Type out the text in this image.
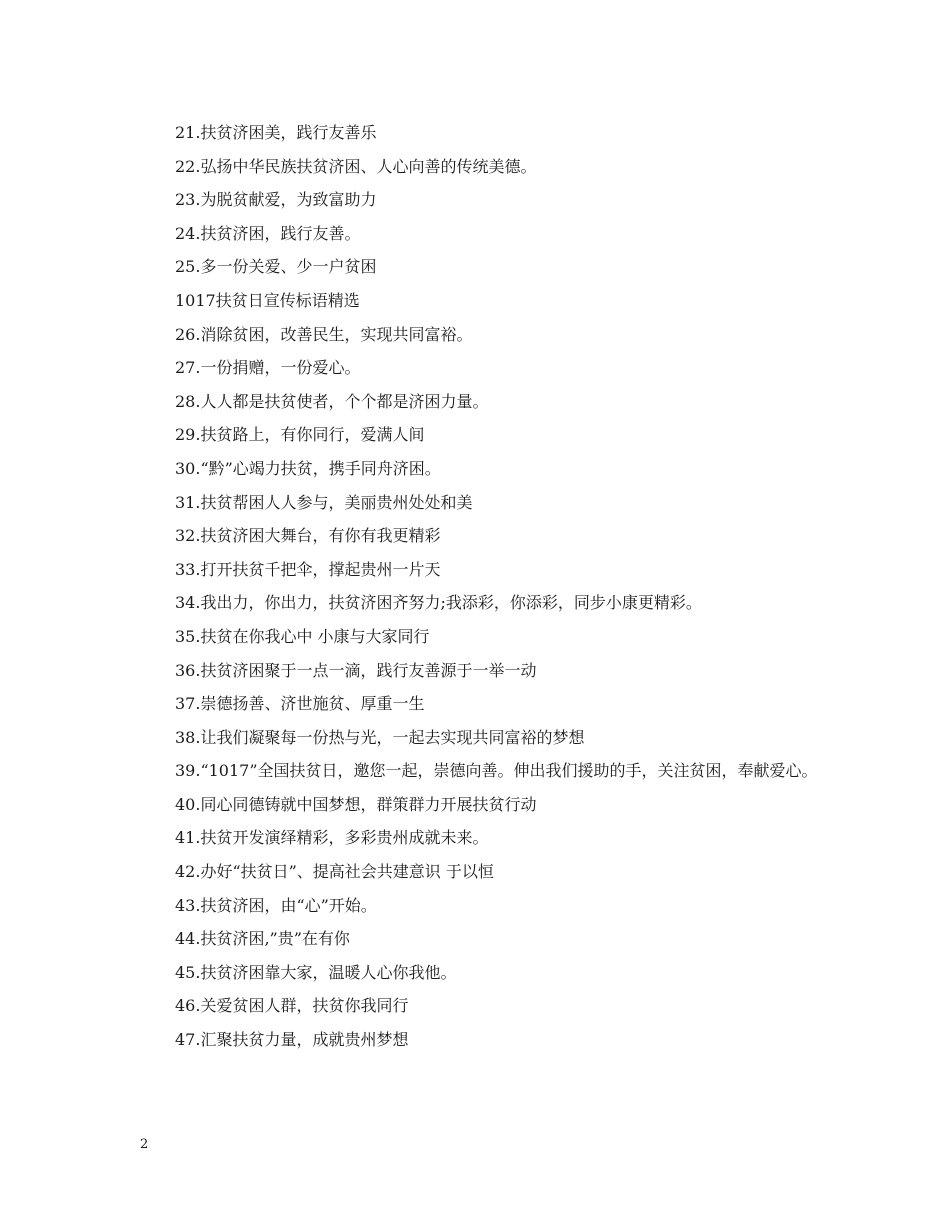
21.扶贫济困美，践行友善乐
22.弘扬中华民族扶贫济困、人心向善的传统美德。
23.为脱贫献爱，为致富助力
24.扶贫济困，践行友善。
25.多一份关爱、少一户贫困
1017扶贫日宣传标语精选
26.消除贫困，改善民生，实现共同富裕。
27.一份捐赠，一份爱心。
28.人人都是扶贫使者，个个都是济困力量。
29.扶贫路上，有你同行，爱满人间
30.“黔”心竭力扶贫，携手同舟济困。
31.扶贫帮困人人参与，美丽贵州处处和美
32.扶贫济困大舞台，有你有我更精彩
33.打开扶贫千把伞，撑起贵州一片天
34.我出力，你出力，扶贫济困齐努力;我添彩，你添彩，同步小康更精彩。
35.扶贫在你我心中 小康与大家同行
36.扶贫济困聚于一点一滴，践行友善源于一举一动
37.崇德扬善、济世施贫、厚重一生
38.让我们凝聚每一份热与光，一起去实现共同富裕的梦想
39.“1017”全国扶贫日，邀您一起，崇德向善。伸出我们援助的手，关注贫困，奉献爱心。
40.同心同德铸就中国梦想，群策群力开展扶贫行动
41.扶贫开发演绎精彩，多彩贵州成就未来。
42.办好“扶贫日”、提高社会共建意识 于以恒
43.扶贫济困，由“心”开始。
44.扶贫济困,”贵”在有你
45.扶贫济困靠大家，温暖人心你我他。
46.关爱贫困人群，扶贫你我同行
47.汇聚扶贫力量，成就贵州梦想
2
